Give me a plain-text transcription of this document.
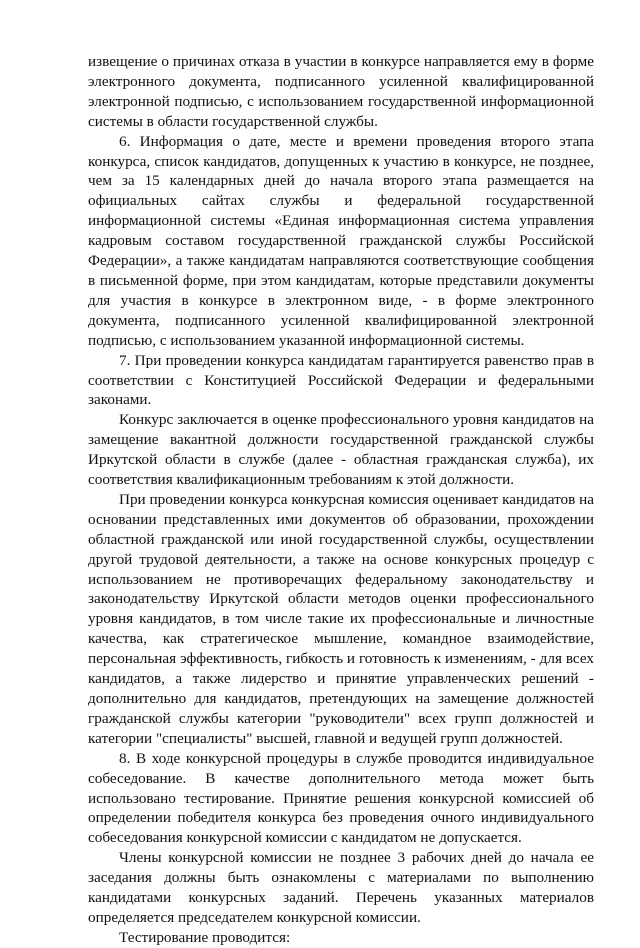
извещение о причинах отказа в участии в конкурсе направляется ему в форме электронного документа, подписанного усиленной квалифицированной электронной подписью, с использованием государственной информационной системы в области государственной службы.

6. Информация о дате, месте и времени проведения второго этапа конкурса, список кандидатов, допущенных к участию в конкурсе, не позднее, чем за 15 календарных дней до начала второго этапа размещается на официальных сайтах службы и федеральной государственной информационной системы «Единая информационная система управления кадровым составом государственной гражданской службы Российской Федерации», а также кандидатам направляются соответствующие сообщения в письменной форме, при этом кандидатам, которые представили документы для участия в конкурсе в электронном виде, - в форме электронного документа, подписанного усиленной квалифицированной электронной подписью, с использованием указанной информационной системы.

7. При проведении конкурса кандидатам гарантируется равенство прав в соответствии с Конституцией Российской Федерации и федеральными законами.

Конкурс заключается в оценке профессионального уровня кандидатов на замещение вакантной должности государственной гражданской службы Иркутской области в службе (далее - областная гражданская служба), их соответствия квалификационным требованиям к этой должности.

При проведении конкурса конкурсная комиссия оценивает кандидатов на основании представленных ими документов об образовании, прохождении областной гражданской или иной государственной службы, осуществлении другой трудовой деятельности, а также на основе конкурсных процедур с использованием не противоречащих федеральному законодательству и законодательству Иркутской области методов оценки профессионального уровня кандидатов, в том числе такие их профессиональные и личностные качества, как стратегическое мышление, командное взаимодействие, персональная эффективность, гибкость и готовность к изменениям, - для всех кандидатов, а также лидерство и принятие управленческих решений - дополнительно для кандидатов, претендующих на замещение должностей гражданской службы категории "руководители" всех групп должностей и категории "специалисты" высшей, главной и ведущей групп должностей.

8. В ходе конкурсной процедуры в службе проводится индивидуальное собеседование. В качестве дополнительного метода может быть использовано тестирование. Принятие решения конкурсной комиссией об определении победителя конкурса без проведения очного индивидуального собеседования конкурсной комиссии с кандидатом не допускается.

Члены конкурсной комиссии не позднее 3 рабочих дней до начала ее заседания должны быть ознакомлены с материалами по выполнению кандидатами конкурсных заданий. Перечень указанных материалов определяется председателем конкурсной комиссии.

Тестирование проводится:
